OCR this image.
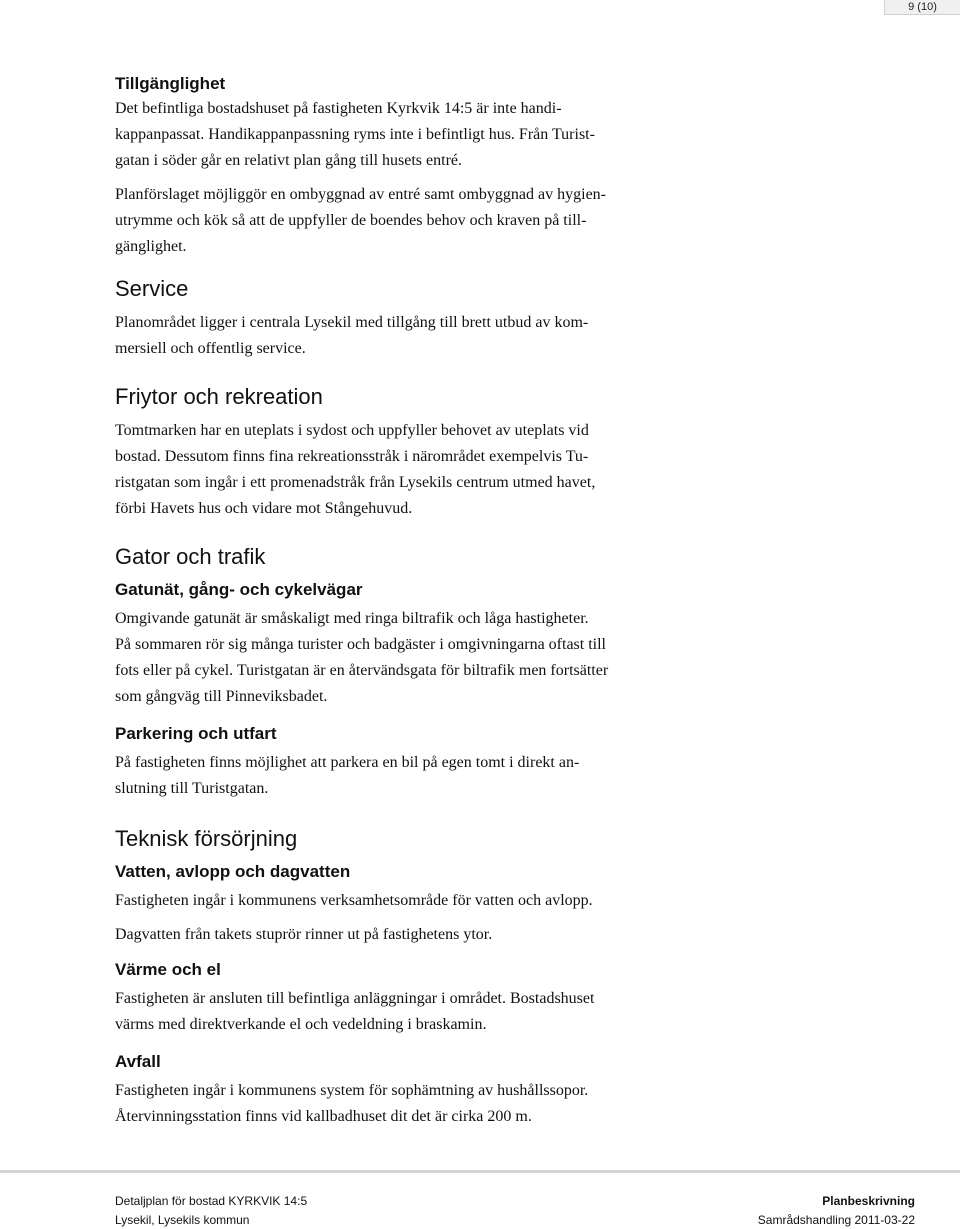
9 (10)
Tillgänglighet

Det befintliga bostadshuset på fastigheten Kyrkvik 14:5 är inte handi-
kappanpassat. Handikappanpassning ryms inte i befintligt hus. Från Turist-
gatan i söder går en relativt plan gång till husets entré.

Planförslaget möjliggör en ombyggnad av entré samt ombyggnad av hygien-
utrymme och kök så att de uppfyller de boendes behov och kraven på till-
gänglighet.

Service

Planområdet ligger i centrala Lysekil med tillgång till brett utbud av kom-
mersiell och offentlig service.

Friytor och rekreation

Tomtmarken har en uteplats i sydost och uppfyller behovet av uteplats vid
bostad. Dessutom finns fina rekreationsstråk i närområdet exempelvis Tu-
ristgatan som ingår i ett promenadstråk från Lysekils centrum utmed havet,
förbi Havets hus och vidare mot Stångehuvud.

Gator och trafik
Gatunät, gång- och cykelvägar

Omgivande gatunät är småskaligt med ringa biltrafik och låga hastigheter.
På sommaren rör sig många turister och badgäster i omgivningarna oftast till
fots eller på cykel. Turistgatan är en återvändsgata för biltrafik men fortsätter
som gångväg till Pinneviksbadet.

Parkering och utfart

På fastigheten finns möjlighet att parkera en bil på egen tomt i direkt an-
slutning till Turistgatan.

Teknisk försörjning
Vatten, avlopp och dagvatten

Fastigheten ingår i kommunens verksamhetsområde för vatten och avlopp.

Dagvatten från takets stuprör rinner ut på fastighetens ytor.

Värme och el

Fastigheten är ansluten till befintliga anläggningar i området. Bostadshuset
värms med direktverkande el och vedeldning i braskamin.

Avfall

Fastigheten ingår i kommunens system för sophämtning av hushållssopor.
Återvinningsstation finns vid kallbadhuset dit det är cirka 200 m.

Detaljplan för bostad KYRKVIK 14:5	Planbeskrivning
Lysekil, Lysekils kommun	Samrådshandling 2011-03-22
